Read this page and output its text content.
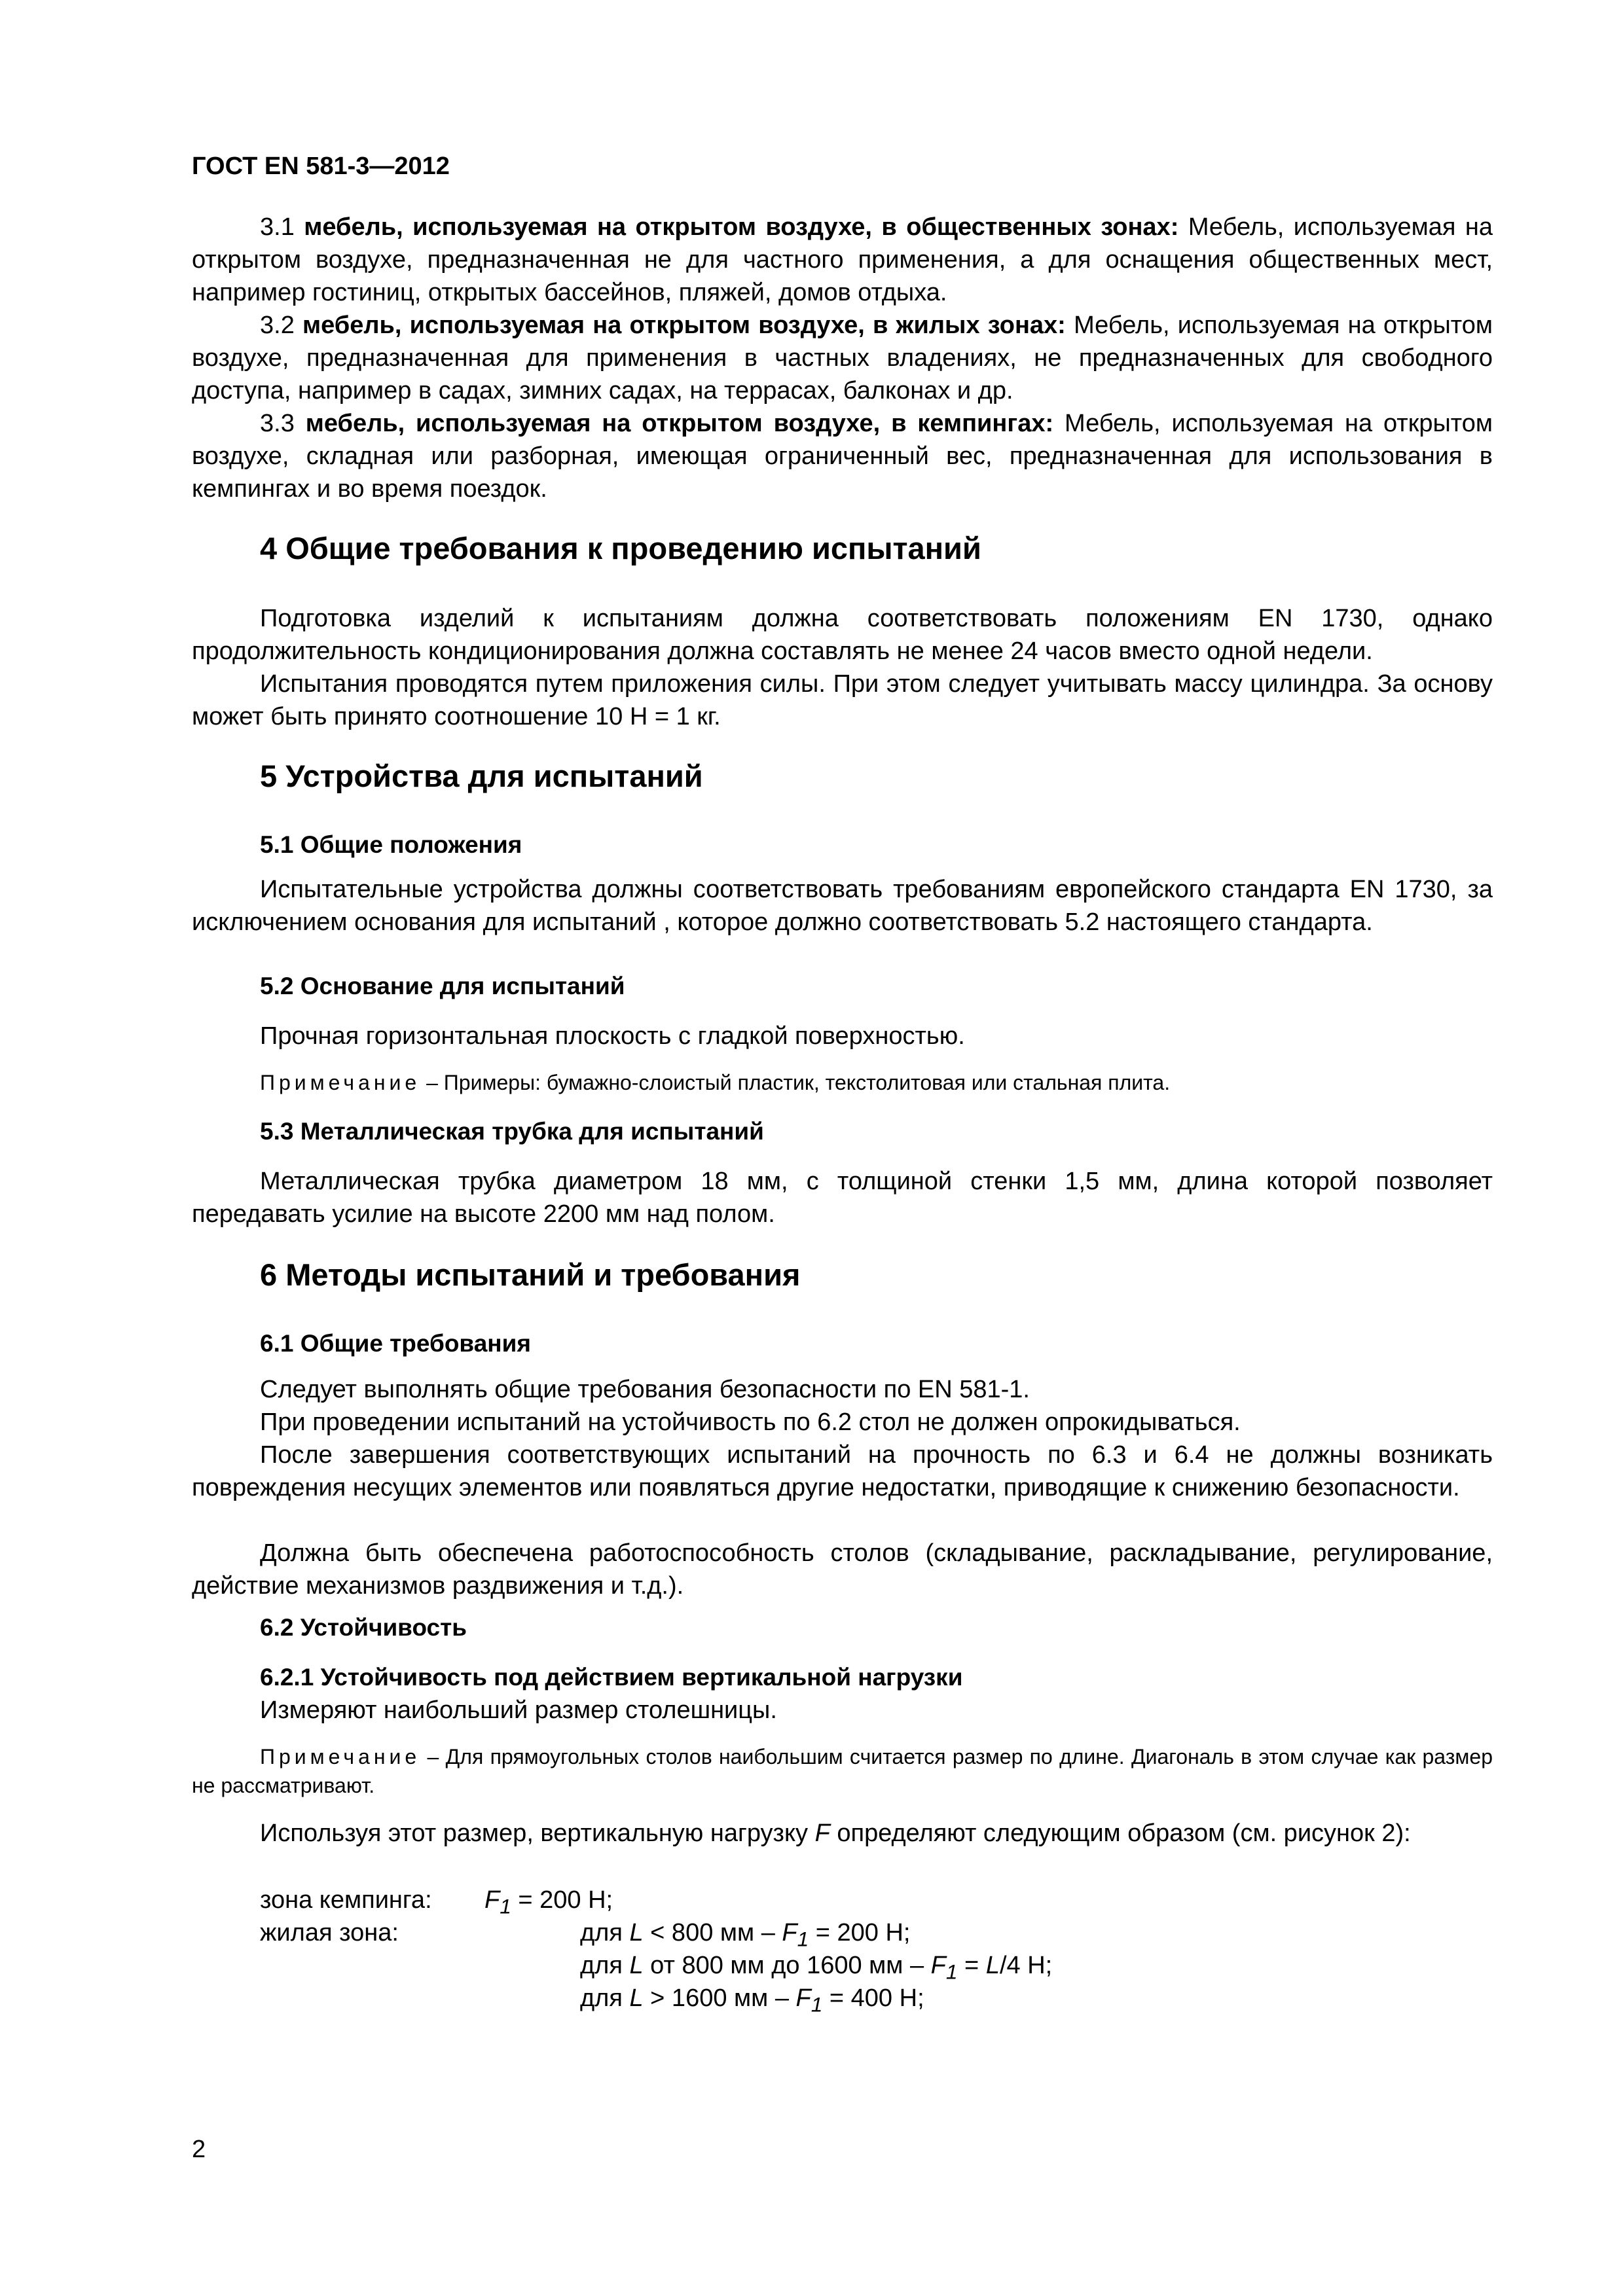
ГОСТ EN 581-3—2012

3.1 мебель, используемая на открытом воздухе, в общественных зонах: Мебель, используемая на открытом воздухе, предназначенная не для частного применения, а для оснащения общественных мест, например гостиниц, открытых бассейнов, пляжей, домов отдыха.

3.2 мебель, используемая на открытом воздухе, в жилых зонах: Мебель, используемая на открытом воздухе, предназначенная для применения в частных владениях, не предназначенных для свободного доступа, например в садах, зимних садах, на террасах, балконах и др.

3.3 мебель, используемая на открытом воздухе, в кемпингах: Мебель, используемая на открытом воздухе, складная или разборная, имеющая ограниченный вес, предназначенная для использования в кемпингах и во время поездок.

4 Общие требования к проведению испытаний

Подготовка изделий к испытаниям должна соответствовать положениям EN 1730, однако продолжительность кондиционирования должна составлять не менее 24 часов вместо одной недели.

Испытания проводятся путем приложения силы. При этом следует учитывать массу цилиндра. За основу может быть принято соотношение 10 Н = 1 кг.

5 Устройства для испытаний
5.1 Общие положения

Испытательные устройства должны соответствовать требованиям европейского стандарта EN 1730, за исключением основания для испытаний , которое должно соответствовать 5.2 настоящего стандарта.

5.2 Основание для испытаний

Прочная горизонтальная плоскость с гладкой поверхностью.

Примечание – Примеры: бумажно-слоистый пластик, текстолитовая или стальная плита.

5.3 Металлическая трубка для испытаний

Металлическая трубка диаметром 18 мм, с толщиной стенки 1,5 мм, длина которой позволяет передавать усилие на высоте 2200 мм над полом.

6 Методы испытаний и требования
6.1 Общие требования

Следует выполнять общие требования безопасности по EN 581-1.

При проведении испытаний на устойчивость по 6.2 стол не должен опрокидываться.

После завершения соответствующих испытаний на прочность по 6.3 и 6.4 не должны возникать повреждения несущих элементов или появляться другие недостатки, приводящие к снижению безопасности.

Должна быть обеспечена работоспособность столов (складывание, раскладывание, регулирование, действие механизмов раздвижения и т.д.).

6.2 Устойчивость
6.2.1 Устойчивость под действием вертикальной нагрузки

Измеряют наибольший размер столешницы.

Примечание – Для прямоугольных столов наибольшим считается размер по длине. Диагональ в этом случае как размер не рассматривают.

Используя этот размер, вертикальную нагрузку F определяют следующим образом (см. рисунок 2):

зона кемпинга: $F_1 = 200$ Н;
жилая зона:	для L < 800 мм – $F_1 = 200$ Н;
для L от 800 мм до 1600 мм – $F_1 = L/4$ Н;
для L > 1600 мм – $F_1 = 400$ Н;
2
